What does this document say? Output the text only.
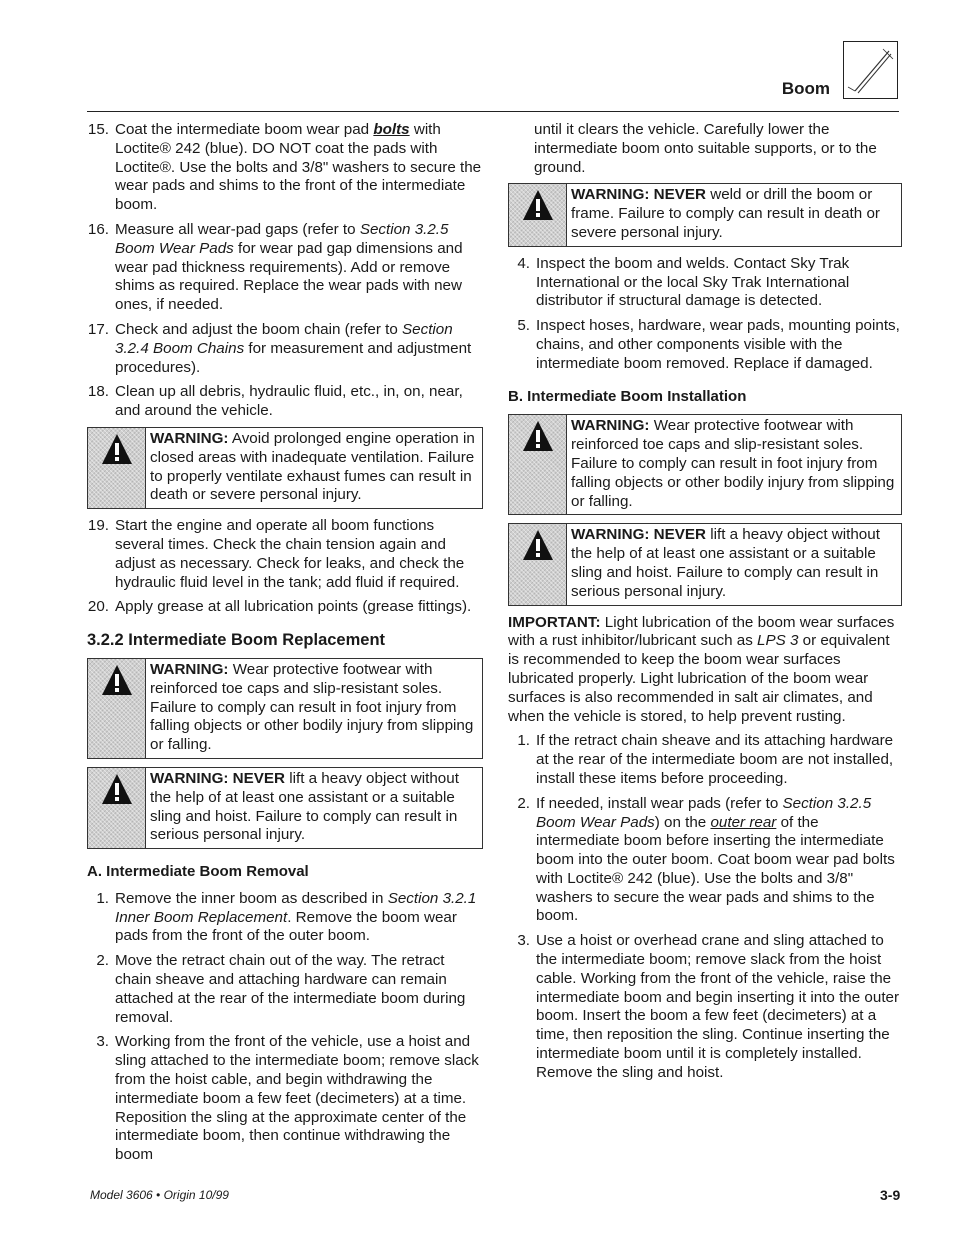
Boom
15. Coat the intermediate boom wear pad bolts with Loctite® 242 (blue). DO NOT coat the pads with Loctite®. Use the bolts and 3/8" washers to secure the wear pads and shims to the front of the intermediate boom.
16. Measure all wear-pad gaps (refer to Section 3.2.5 Boom Wear Pads for wear pad gap dimensions and wear pad thickness requirements). Add or remove shims as required. Replace the wear pads with new ones, if needed.
17. Check and adjust the boom chain (refer to Section 3.2.4 Boom Chains for measurement and adjustment procedures).
18. Clean up all debris, hydraulic fluid, etc., in, on, near, and around the vehicle.
WARNING: Avoid prolonged engine operation in closed areas with inadequate ventilation. Failure to properly ventilate exhaust fumes can result in death or severe personal injury.
19. Start the engine and operate all boom functions several times. Check the chain tension again and adjust as necessary. Check for leaks, and check the hydraulic fluid level in the tank; add fluid if required.
20. Apply grease at all lubrication points (grease fittings).
3.2.2 Intermediate Boom Replacement
WARNING: Wear protective footwear with reinforced toe caps and slip-resistant soles. Failure to comply can result in foot injury from falling objects or other bodily injury from slipping or falling.
WARNING: NEVER lift a heavy object without the help of at least one assistant or a suitable sling and hoist. Failure to comply can result in serious personal injury.
A. Intermediate Boom Removal
1. Remove the inner boom as described in Section 3.2.1 Inner Boom Replacement. Remove the boom wear pads from the front of the outer boom.
2. Move the retract chain out of the way. The retract chain sheave and attaching hardware can remain attached at the rear of the intermediate boom during removal.
3. Working from the front of the vehicle, use a hoist and sling attached to the intermediate boom; remove slack from the hoist cable, and begin withdrawing the intermediate boom a few feet (decimeters) at a time. Reposition the sling at the approximate center of the intermediate boom, then continue withdrawing the boom
until it clears the vehicle. Carefully lower the intermediate boom onto suitable supports, or to the ground.
WARNING: NEVER weld or drill the boom or frame. Failure to comply can result in death or severe personal injury.
4. Inspect the boom and welds. Contact Sky Trak International or the local Sky Trak International distributor if structural damage is detected.
5. Inspect hoses, hardware, wear pads, mounting points, chains, and other components visible with the intermediate boom removed. Replace if damaged.
B. Intermediate Boom Installation
WARNING: Wear protective footwear with reinforced toe caps and slip-resistant soles. Failure to comply can result in foot injury from falling objects or other bodily injury from slipping or falling.
WARNING: NEVER lift a heavy object without the help of at least one assistant or a suitable sling and hoist. Failure to comply can result in serious personal injury.
IMPORTANT: Light lubrication of the boom wear surfaces with a rust inhibitor/lubricant such as LPS 3 or equivalent is recommended to keep the boom wear surfaces lubricated properly. Light lubrication of the boom wear surfaces is also recommended in salt air climates, and when the vehicle is stored, to help prevent rusting.
1. If the retract chain sheave and its attaching hardware at the rear of the intermediate boom are not installed, install these items before proceeding.
2. If needed, install wear pads (refer to Section 3.2.5 Boom Wear Pads) on the outer rear of the intermediate boom before inserting the intermediate boom into the outer boom. Coat boom wear pad bolts with Loctite® 242 (blue). Use the bolts and 3/8" washers to secure the wear pads and shims to the boom.
3. Use a hoist or overhead crane and sling attached to the intermediate boom; remove slack from the hoist cable. Working from the front of the vehicle, raise the intermediate boom and begin inserting it into the outer boom. Insert the boom a few feet (decimeters) at a time, then reposition the sling. Continue inserting the intermediate boom until it is completely installed. Remove the sling and hoist.
Model 3606 • Origin 10/99	3-9
